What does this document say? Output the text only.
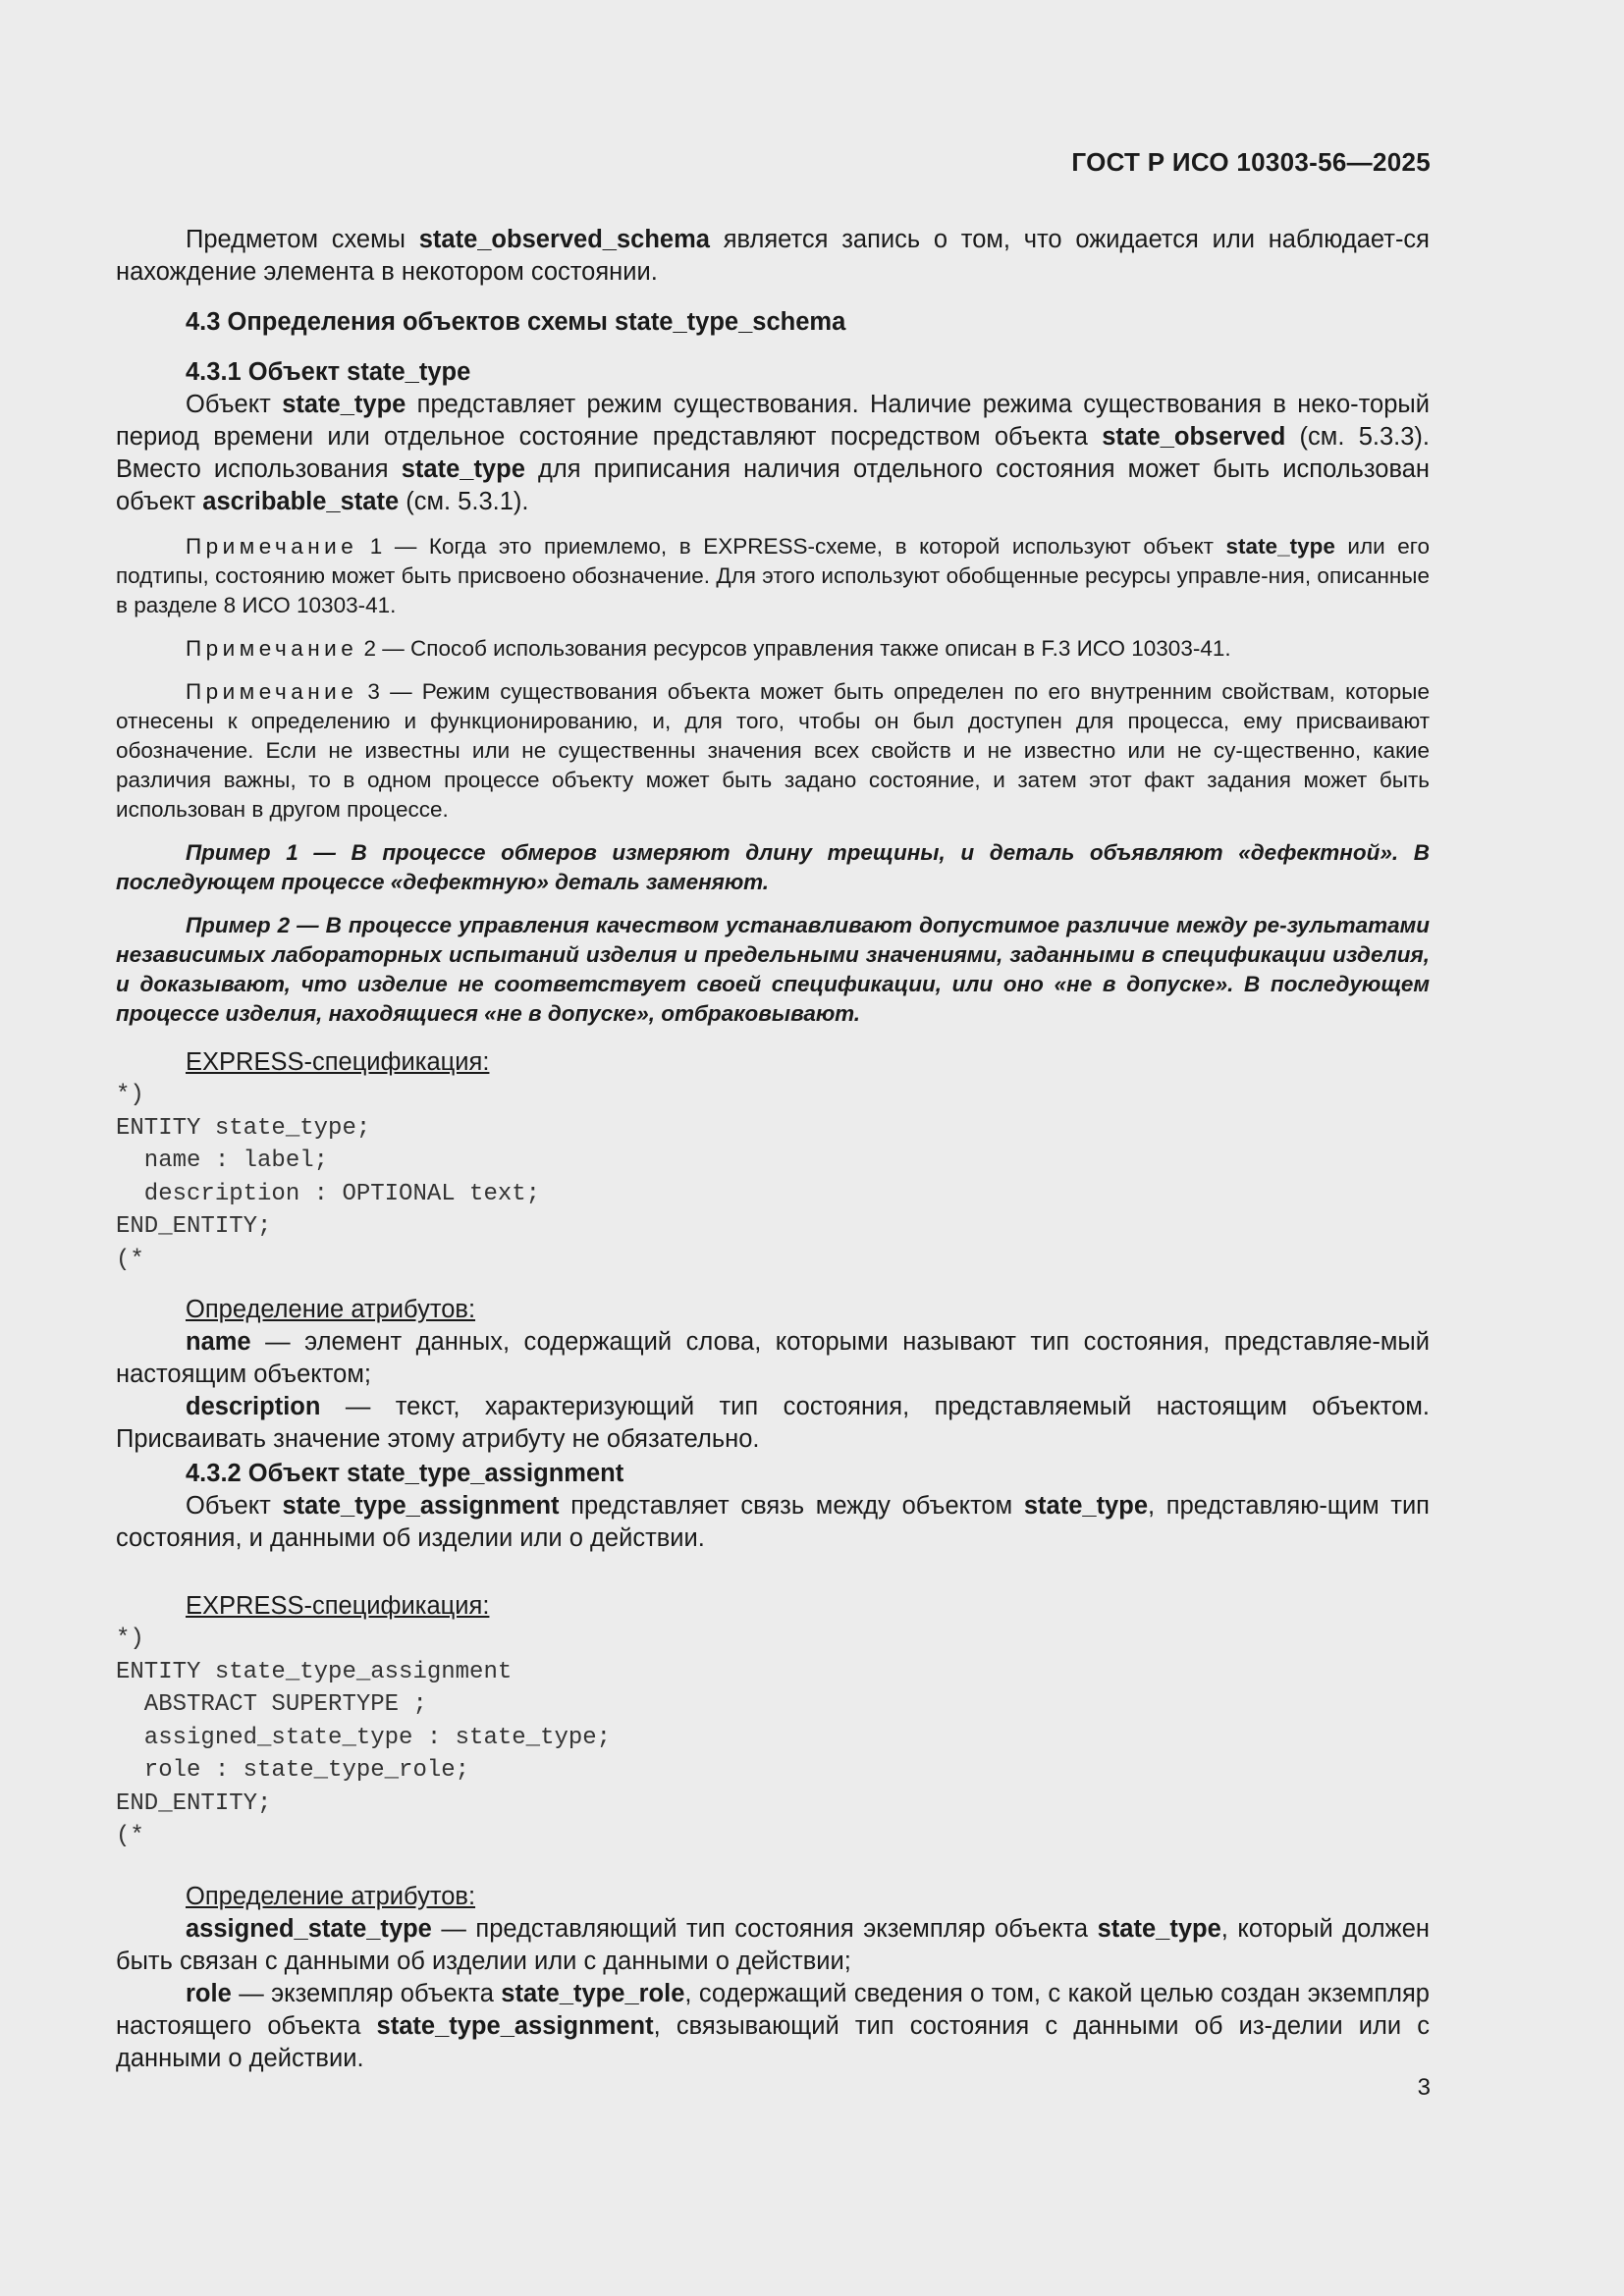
ГОСТ Р ИСО 10303-56—2025

Предметом схемы state_observed_schema является запись о том, что ожидается или наблюдает-ся нахождение элемента в некотором состоянии.

4.3 Определения объектов схемы state_type_schema

4.3.1 Объект state_type

Объект state_type представляет режим существования. Наличие режима существования в неко-торый период времени или отдельное состояние представляют посредством объекта state_observed (см. 5.3.3). Вместо использования state_type для приписания наличия отдельного состояния может быть использован объект ascribable_state (см. 5.3.1).

Примечание 1 — Когда это приемлемо, в EXPRESS-схеме, в которой используют объект state_type или его подтипы, состоянию может быть присвоено обозначение. Для этого используют обобщенные ресурсы управле-ния, описанные в разделе 8 ИСО 10303-41.

Примечание 2 — Способ использования ресурсов управления также описан в F.3 ИСО 10303-41.

Примечание 3 — Режим существования объекта может быть определен по его внутренним свойствам, которые отнесены к определению и функционированию, и, для того, чтобы он был доступен для процесса, ему присваивают обозначение. Если не известны или не существенны значения всех свойств и не известно или не су-щественно, какие различия важны, то в одном процессе объекту может быть задано состояние, и затем этот факт задания может быть использован в другом процессе.

Пример 1 — В процессе обмеров измеряют длину трещины, и деталь объявляют «дефектной». В последующем процессе «дефектную» деталь заменяют.

Пример 2 — В процессе управления качеством устанавливают допустимое различие между ре-зультатами независимых лабораторных испытаний изделия и предельными значениями, заданными в спецификации изделия, и доказывают, что изделие не соответствует своей спецификации, или оно «не в допуске». В последующем процессе изделия, находящиеся «не в допуске», отбраковывают.

EXPRESS-спецификация:

*)
ENTITY state_type;
name : label;
description : OPTIONAL text;
END_ENTITY;
(*

Определение атрибутов:

name — элемент данных, содержащий слова, которыми называют тип состояния, представляе-мый настоящим объектом;

description — текст, характеризующий тип состояния, представляемый настоящим объектом. Присваивать значение этому атрибуту не обязательно.

4.3.2 Объект state_type_assignment

Объект state_type_assignment представляет связь между объектом state_type, представляю-щим тип состояния, и данными об изделии или о действии.

EXPRESS-спецификация:

*)
ENTITY state_type_assignment
ABSTRACT SUPERTYPE ;
assigned_state_type : state_type;
role : state_type_role;
END_ENTITY;
(*

Определение атрибутов:

assigned_state_type — представляющий тип состояния экземпляр объекта state_type, который должен быть связан с данными об изделии или с данными о действии;

role — экземпляр объекта state_type_role, содержащий сведения о том, с какой целью создан экземпляр настоящего объекта state_type_assignment, связывающий тип состояния с данными об из-делии или с данными о действии.

3
